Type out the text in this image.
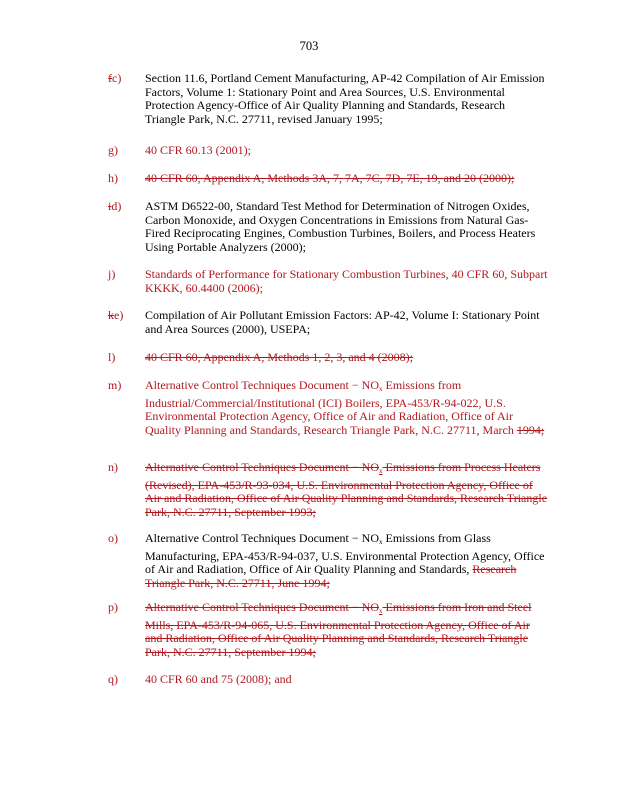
703
fc)	Section 11.6, Portland Cement Manufacturing, AP-42 Compilation of Air Emission Factors, Volume 1: Stationary Point and Area Sources, U.S. Environmental Protection Agency-Office of Air Quality Planning and Standards, Research Triangle Park, N.C. 27711, revised January 1995;
g)	40 CFR 60.13 (2001);
h)	40 CFR 60, Appendix A, Methods 3A, 7, 7A, 7C, 7D, 7E, 19, and 20 (2000);
id)	ASTM D6522-00, Standard Test Method for Determination of Nitrogen Oxides, Carbon Monoxide, and Oxygen Concentrations in Emissions from Natural Gas-Fired Reciprocating Engines, Combustion Turbines, Boilers, and Process Heaters Using Portable Analyzers (2000);
j)	Standards of Performance for Stationary Combustion Turbines, 40 CFR 60, Subpart KKKK, 60.4400 (2006);
ke)	Compilation of Air Pollutant Emission Factors: AP-42, Volume I: Stationary Point and Area Sources (2000), USEPA;
l)	40 CFR 60, Appendix A, Methods 1, 2, 3, and 4 (2008);
m)	Alternative Control Techniques Document − $NO_x$ Emissions from Industrial/Commercial/Institutional (ICI) Boilers, EPA-453/R-94-022, U.S. Environmental Protection Agency, Office of Air and Radiation, Office of Air Quality Planning and Standards, Research Triangle Park, N.C. 27711, March 1994;
n)	Alternative Control Techniques Document − $NO_x$ Emissions from Process Heaters (Revised), EPA-453/R-93-034, U.S. Environmental Protection Agency, Office of Air and Radiation, Office of Air Quality Planning and Standards, Research Triangle Park, N.C. 27711, September 1993;
o)	Alternative Control Techniques Document − $NO_x$ Emissions from Glass Manufacturing, EPA-453/R-94-037, U.S. Environmental Protection Agency, Office of Air and Radiation, Office of Air Quality Planning and Standards, Research Triangle Park, N.C. 27711, June 1994;
p)	Alternative Control Techniques Document − $NO_x$ Emissions from Iron and Steel Mills, EPA-453/R-94-065, U.S. Environmental Protection Agency, Office of Air and Radiation, Office of Air Quality Planning and Standards, Research Triangle Park, N.C. 27711, September 1994;
q)	40 CFR 60 and 75 (2008); and
